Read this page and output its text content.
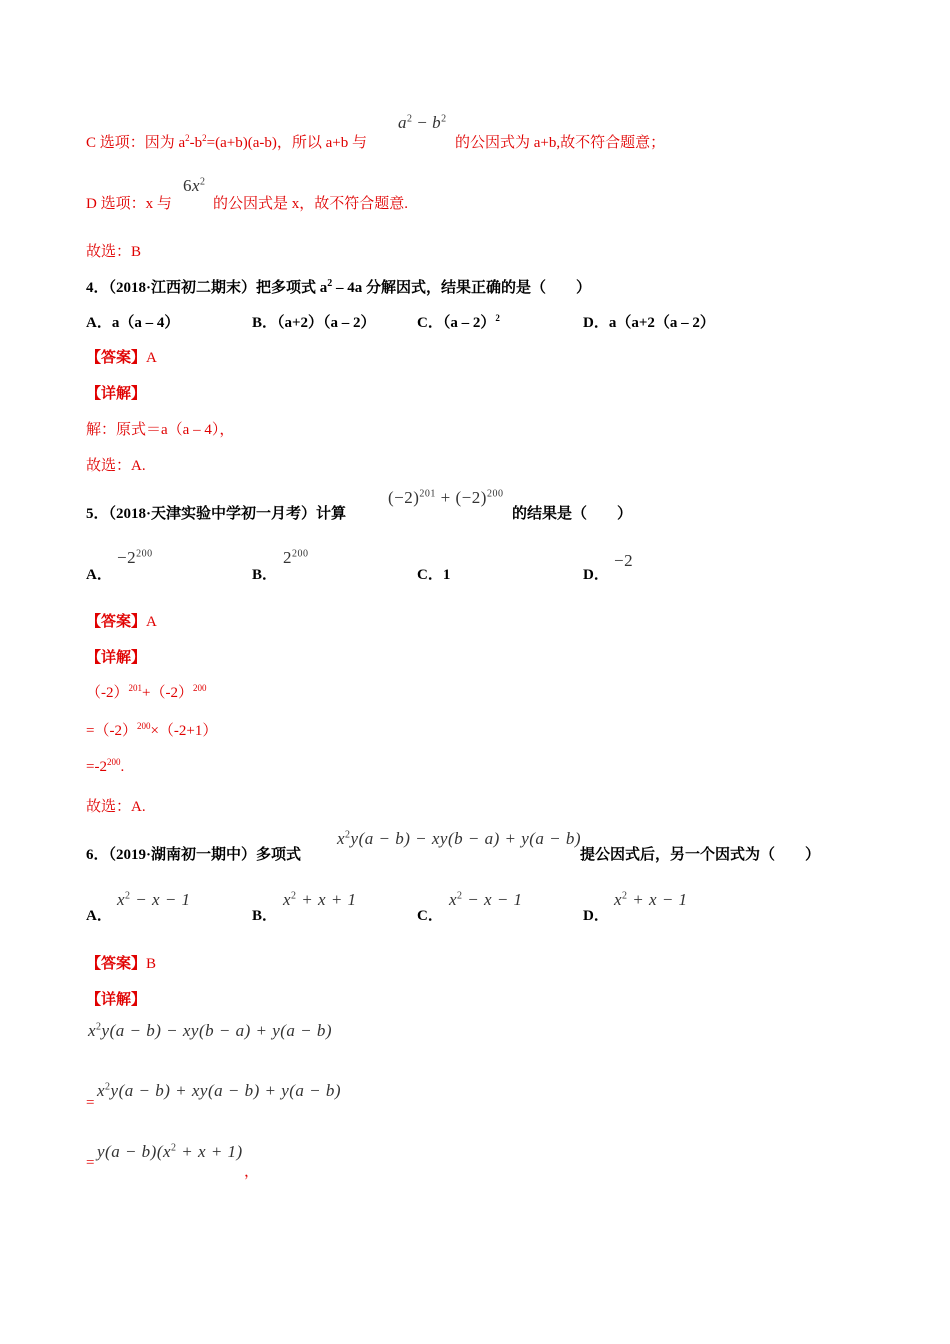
C 选项：因为 $a^2-b^2=(a+b)(a-b)$，所以 a+b 与
$a^2 - b^2$
的公因式为 a+b,故不符合题意；
D 选项：x 与
$6x^2$
的公因式是 x，故不符合题意.
故选：B
4．（2018·江西初二期末）把多项式 $a^2 - 4a$ 分解因式，结果正确的是（　　）
A．a（a – 4）	B．（a+2）（a – 2）	C．（a – 2）$^2$	D．a（a+2（a – 2）
【答案】A
【详解】
解：原式＝a（a – 4），
故选：A.
5．（2018·天津实验中学初一月考）计算
$(-2)^{201} + (-2)^{200}$
的结果是（　　）
A．
$-2^{200}$
B．
$2^{200}$
C．1	D．
−2
【答案】A
【详解】
$(-2)^{201}+(-2)^{200}$
$=(-2)^{200}\times(-2+1)$
$=-2^{200}$.
故选：A.
6．（2019·湖南初一期中）多项式
$x^2y(a - b) - xy(b - a) + y(a - b)$
提公因式后，另一个因式为（　　）
A．
$x^2 - x - 1$
B．
$x^2 + x + 1$
C．
$x^2 - x - 1$
D．
$x^2 + x - 1$
【答案】B
【详解】
$x^2y(a - b) - xy(b - a) + y(a - b)$
=
$x^2y(a - b) + xy(a - b) + y(a - b)$
=
$y(a - b)(x^2 + x + 1)$
，
